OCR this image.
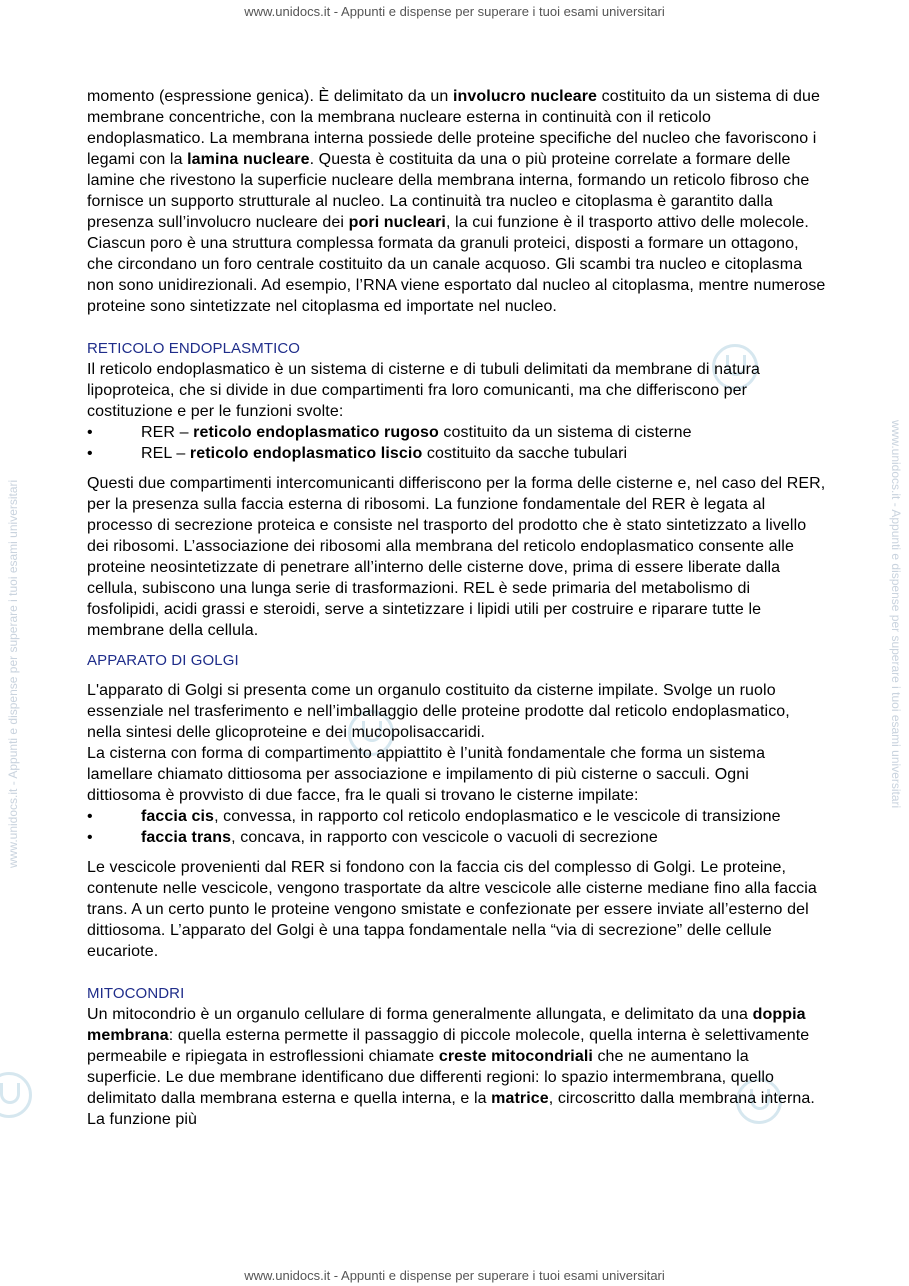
www.unidocs.it - Appunti e dispense per superare i tuoi esami universitari
www.unidocs.it - Appunti e dispense per superare i tuoi esami universitari
www.unidocs.it - Appunti e dispense per superare i tuoi esami universitari	www.unidocs.it - Appunti e dispense per superare i tuoi esami universitari

momento (espressione genica). È delimitato da un involucro nucleare costituito da un sistema di due membrane concentriche, con la membrana nucleare esterna in continuità con il reticolo endoplasmatico. La membrana interna possiede delle proteine specifiche del nucleo che favoriscono i legami con la lamina nucleare. Questa è costituita da una o più proteine correlate a formare delle lamine che rivestono la superficie nucleare della membrana interna, formando un reticolo fibroso che fornisce un supporto strutturale al nucleo. La continuità tra nucleo e citoplasma è garantito dalla presenza sull’involucro nucleare dei pori nucleari, la cui funzione è il trasporto attivo delle molecole. Ciascun poro è una struttura complessa formata da granuli proteici, disposti a formare un ottagono, che circondano un foro centrale costituito da un canale acquoso. Gli scambi tra nucleo e citoplasma non sono unidirezionali. Ad esempio, l’RNA viene esportato dal nucleo al citoplasma, mentre numerose proteine sono sintetizzate nel citoplasma ed importate nel nucleo.

RETICOLO ENDOPLASMTICO

Il reticolo endoplasmatico è un sistema di cisterne e di tubuli delimitati da membrane di natura lipoproteica, che si divide in due compartimenti fra loro comunicanti, ma che differiscono per costituzione e per le funzioni svolte:

•	RER – reticolo endoplasmatico rugoso costituito da un sistema di cisterne
•	REL – reticolo endoplasmatico liscio costituito da sacche tubulari

Questi due compartimenti intercomunicanti differiscono per la forma delle cisterne e, nel caso del RER, per la presenza sulla faccia esterna di ribosomi. La funzione fondamentale del RER è legata al processo di secrezione proteica e consiste nel trasporto del prodotto che è stato sintetizzato a livello dei ribosomi. L’associazione dei ribosomi alla membrana del reticolo endoplasmatico consente alle proteine neosintetizzate di penetrare all’interno delle cisterne dove, prima di essere liberate dalla cellula, subiscono una lunga serie di trasformazioni. REL è sede primaria del metabolismo di fosfolipidi, acidi grassi e steroidi, serve a sintetizzare i lipidi utili per costruire e riparare tutte le membrane della cellula.

APPARATO DI GOLGI

L'apparato di Golgi si presenta come un organulo costituito da cisterne impilate. Svolge un ruolo essenziale nel trasferimento e nell’imballaggio delle proteine prodotte dal reticolo endoplasmatico, nella sintesi delle glicoproteine e dei mucopolisaccaridi.

La cisterna con forma di compartimento appiattito è l’unità fondamentale che forma un sistema lamellare chiamato dittiosoma per associazione e impilamento di più cisterne o sacculi. Ogni dittiosoma è provvisto di due facce, fra le quali si trovano le cisterne impilate:

•	faccia cis, convessa, in rapporto col reticolo endoplasmatico e le vescicole di transizione
•	faccia trans, concava, in rapporto con vescicole o vacuoli di secrezione

Le vescicole provenienti dal RER si fondono con la faccia cis del complesso di Golgi. Le proteine, contenute nelle vescicole, vengono trasportate da altre vescicole alle cisterne mediane fino alla faccia trans. A un certo punto le proteine vengono smistate e confezionate per essere inviate all’esterno del dittiosoma. L’apparato del Golgi è una tappa fondamentale nella “via di secrezione” delle cellule eucariote.

MITOCONDRI

Un mitocondrio è un organulo cellulare di forma generalmente allungata, e delimitato da una doppia membrana: quella esterna permette il passaggio di piccole molecole, quella interna è selettivamente permeabile e ripiegata in estroflessioni chiamate creste mitocondriali che ne aumentano la superficie. Le due membrane identificano due differenti regioni: lo spazio intermembrana, quello delimitato dalla membrana esterna e quella interna, e la matrice, circoscritto dalla membrana interna. La funzione più
